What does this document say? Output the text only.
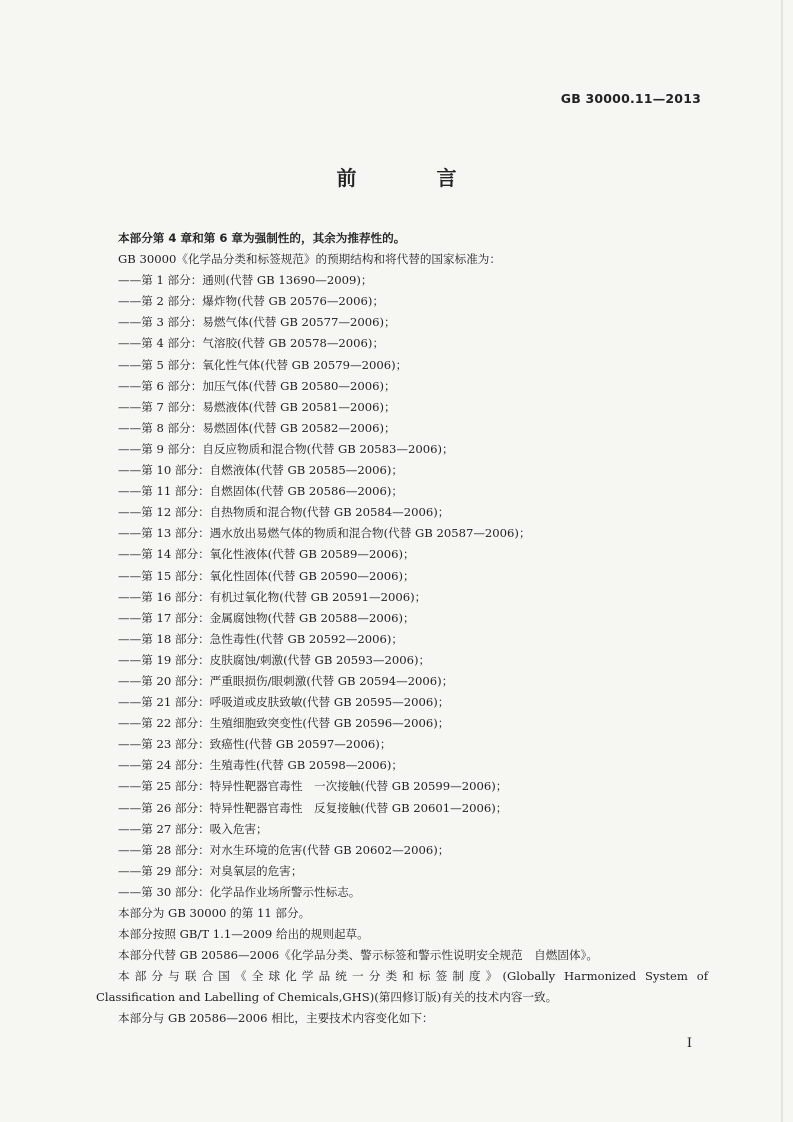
GB 30000.11—2013
前　言

本部分第 4 章和第 6 章为强制性的，其余为推荐性的。

GB 30000《化学品分类和标签规范》的预期结构和将代替的国家标准为：

——第 1 部分：通则(代替 GB 13690—2009)；

——第 2 部分：爆炸物(代替 GB 20576—2006)；

——第 3 部分：易燃气体(代替 GB 20577—2006)；

——第 4 部分：气溶胶(代替 GB 20578—2006)；

——第 5 部分：氧化性气体(代替 GB 20579—2006)；

——第 6 部分：加压气体(代替 GB 20580—2006)；

——第 7 部分：易燃液体(代替 GB 20581—2006)；

——第 8 部分：易燃固体(代替 GB 20582—2006)；

——第 9 部分：自反应物质和混合物(代替 GB 20583—2006)；

——第 10 部分：自燃液体(代替 GB 20585—2006)；

——第 11 部分：自燃固体(代替 GB 20586—2006)；

——第 12 部分：自热物质和混合物(代替 GB 20584—2006)；

——第 13 部分：遇水放出易燃气体的物质和混合物(代替 GB 20587—2006)；

——第 14 部分：氧化性液体(代替 GB 20589—2006)；

——第 15 部分：氧化性固体(代替 GB 20590—2006)；

——第 16 部分：有机过氧化物(代替 GB 20591—2006)；

——第 17 部分：金属腐蚀物(代替 GB 20588—2006)；

——第 18 部分：急性毒性(代替 GB 20592—2006)；

——第 19 部分：皮肤腐蚀/刺激(代替 GB 20593—2006)；

——第 20 部分：严重眼损伤/眼刺激(代替 GB 20594—2006)；

——第 21 部分：呼吸道或皮肤致敏(代替 GB 20595—2006)；

——第 22 部分：生殖细胞致突变性(代替 GB 20596—2006)；

——第 23 部分：致癌性(代替 GB 20597—2006)；

——第 24 部分：生殖毒性(代替 GB 20598—2006)；

——第 25 部分：特异性靶器官毒性　一次接触(代替 GB 20599—2006)；

——第 26 部分：特异性靶器官毒性　反复接触(代替 GB 20601—2006)；

——第 27 部分：吸入危害；

——第 28 部分：对水生环境的危害(代替 GB 20602—2006)；

——第 29 部分：对臭氧层的危害；

——第 30 部分：化学品作业场所警示性标志。

本部分为 GB 30000 的第 11 部分。

本部分按照 GB/T 1.1—2009 给出的规则起草。

本部分代替 GB 20586—2006《化学品分类、警示标签和警示性说明安全规范　自燃固体》。

本部分与联合国《全球化学品统一分类和标签制度》(Globally Harmonized System of

Classification and Labelling of Chemicals,GHS)(第四修订版)有关的技术内容一致。

本部分与 GB 20586—2006 相比，主要技术内容变化如下：

I
